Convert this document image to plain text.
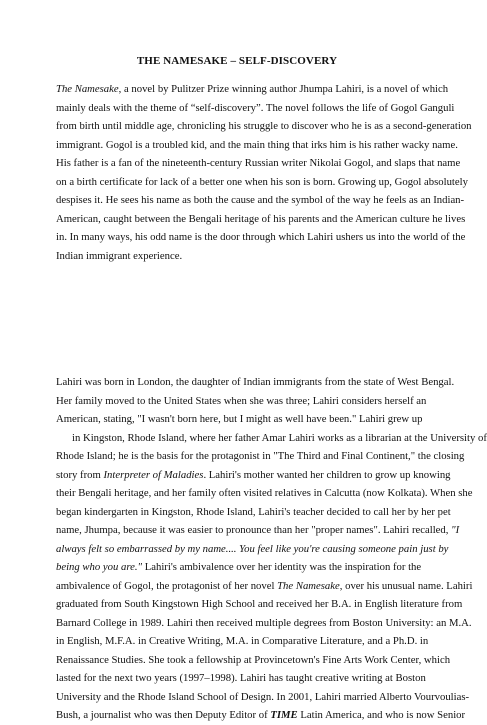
THE NAMESAKE – SELF-DISCOVERY
The Namesake, a novel by Pulitzer Prize winning author Jhumpa Lahiri, is a novel of which
mainly deals with the theme of “self-discovery”. The novel follows the life of Gogol Ganguli
from birth until middle age, chronicling his struggle to discover who he is as a second-generation
immigrant. Gogol is a troubled kid, and the main thing that irks him is his rather wacky name.
His father is a fan of the nineteenth-century Russian writer Nikolai Gogol, and slaps that name
on a birth certificate for lack of a better one when his son is born. Growing up, Gogol absolutely
despises it. He sees his name as both the cause and the symbol of the way he feels as an Indian-
American, caught between the Bengali heritage of his parents and the American culture he lives
in. In many ways, his odd name is the door through which Lahiri ushers us into the world of the
Indian immigrant experience.
Lahiri was born in London, the daughter of Indian immigrants from the state of West Bengal.
Her family moved to the United States when she was three; Lahiri considers herself an
American, stating, "I wasn't born here, but I might as well have been." Lahiri grew up
in Kingston, Rhode Island, where her father Amar Lahiri works as a librarian at the University of
Rhode Island; he is the basis for the protagonist in "The Third and Final Continent," the closing
story from Interpreter of Maladies. Lahiri's mother wanted her children to grow up knowing
their Bengali heritage, and her family often visited relatives in Calcutta (now Kolkata). When she
began kindergarten in Kingston, Rhode Island, Lahiri's teacher decided to call her by her pet
name, Jhumpa, because it was easier to pronounce than her "proper names". Lahiri recalled, "I
always felt so embarrassed by my name.... You feel like you're causing someone pain just by
being who you are." Lahiri's ambivalence over her identity was the inspiration for the
ambivalence of Gogol, the protagonist of her novel The Namesake, over his unusual name. Lahiri
graduated from South Kingstown High School and received her B.A. in English literature from
Barnard College in 1989. Lahiri then received multiple degrees from Boston University: an M.A.
in English, M.F.A. in Creative Writing, M.A. in Comparative Literature, and a Ph.D. in
Renaissance Studies. She took a fellowship at Provincetown's Fine Arts Work Center, which
lasted for the next two years (1997–1998). Lahiri has taught creative writing at Boston
University and the Rhode Island School of Design. In 2001, Lahiri married Alberto Vourvoulias-
Bush, a journalist who was then Deputy Editor of TIME Latin America, and who is now Senior
